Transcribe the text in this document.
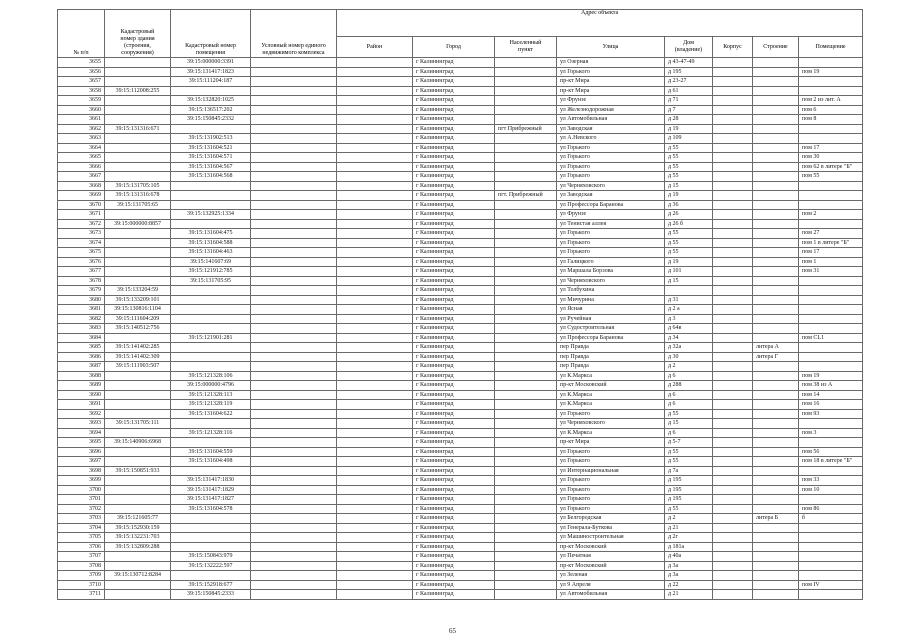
№ п/п	Кадастровый номер здания (строения, сооружения)	Кадастровый номер помещения	Условный номер единого недвижимого комплекса	Адрес объекта							
				Район	Город	Населенный пункт	Улица	Дом (владение)	Корпус	Строение	Помещение
3655		39:15:000000:3391			г Калининград		ул Озерная	д 43-47-49			
3656		39:15:131417:1823			г Калининград		ул Горького	д 195			пом 19
3657		39:15:111204:187			г Калининград		пр-кт Мира	д 23-27			
3658	39:15:112008:255				г Калининград		пр-кт Мира	д 61			
3659		39:15:132820:1025			г Калининград		ул Фрунзе	д 71			пом 2 из лит. А
3660		39:15:136517:202			г Калининград		ул Железнодорожная	д 7			пом 6
3661		39:15:150845:2332			г Калининград		ул Автомобильная	д 28			пом 8
3662	39:15:131316:671				г Калининград	пгт Прибрежный	ул Заводская	д 19			
3663		39:15:131902:513			г Калининград		ул А.Невского	д 109			
3664		39:15:131604:521			г Калининград		ул Горького	д 55			пом 17
3665		39:15:131604:571			г Калининград		ул Горького	д 55			пом 30
3666		39:15:131604:567			г Калининград		ул Горького	д 55			пом 62 в литере "Б"
3667		39:15:131604:568			г Калининград		ул Горького	д 55			пом 55
3668	39:15:131705:105				г Калининград		ул Черняховского	д 15			
3669	39:15:131316:678				г Калининград	пгт. Прибрежный	ул Заводская	д 19			
3670	39:15:131705:65				г Калининград		ул Профессора Баранова	д 36			
3671		39:15:132925:1334			г Калининград		ул Фрунзе	д 26			пом 2
3672	39:15:000000:8857				г Калининград		ул Тенистая аллея	д 26 б			
3673		39:15:131604:475			г Калининград		ул Горького	д 55			пом 27
3674		39:15:131604:588			г Калининград		ул Горького	д 55			пом 1 в литере "Б"
3675		39:15:131604:463			г Калининград		ул Горького	д 55			пом 17
3676		39:15:141607:69			г Калининград		ул Галицкого	д 19			пом 1
3677		39:15:121912:785			г Калининград		ул Маршала Борзова	д 101			пом 31
3678		39:15:131705:95			г Калининград		ул Черняховского	д 15			
3679	39:15:133204:59				г Калининград		ул Толбухина				
3680	39:15:133209:101				г Калининград		ул Мичурина	д 31			
3681	39:15:130816:1104				г Калининград		ул Ясная	д 2 а			
3682	39:15:111604:209				г Калининград		ул Ручейная	д 3			
3683	39:15:140512:756				г Калининград		ул Судостроительная	д 64в			
3684		39:15:121901:281			г Калининград		ул Профессора Баранова	д 34			пом CL1
3685	39:15:141402:285				г Калининград		пер Правда	д 32а		литера А	
3686	39:15:141402:309				г Калининград		пер Правда	д 30		литера Г	
3687	39:15:111903:507				г Калининград		пер Правда	д 2			
3688		39:15:121328:106			г Калининград		ул К.Маркса	д 6			пом 19
3689		39:15:000000:4796			г Калининград		пр-кт Московский	д 288			пом 38 из А
3690		39:15:121328:113			г Калининград		ул К.Маркса	д 6			пом 14
3691		39:15:121328:119			г Калининград		ул К.Маркса	д 6			пом 16
3692		39:15:131604:622			г Калининград		ул Горького	д 55			пом 93
3693	39:15:131705:111				г Калининград		ул Черняховского	д 15			
3694		39:15:121328:116			г Калининград		ул К.Маркса	д 6			пом 3
3695	39:15:140906:6968				г Калининград		пр-кт Мира	д 5-7			
3696		39:15:131604:559			г Калининград		ул Горького	д 55			пом 56
3697		39:15:131604:498			г Калининград		ул Горького	д 55			пом 18 в литере "Б"
3698	39:15:150851:933				г Калининград		ул Интернациональная	д 7а			
3699		39:15:131417:1830			г Калининград		ул Горького	д 195			пом 33
3700		39:15:131417:1829			г Калининград		ул Горького	д 195			пом 10
3701		39:15:131417:1827			г Калининград		ул Горького	д 195			
3702		39:15:131604:578			г Калининград		ул Горького	д 55			пом 86
3703	39:15:121605:77				г Калининград		ул Белгородская	д 2		литера Б	б
3704	39:15:152930:159				г Калининград		ул Генерала-Буткова	д 21			
3705	39:15:132231:703				г Калининград		ул Машиностроительная	д 2г			
3706	39:15:132809:288				г Калининград		пр-кт Московский	д 181а			
3707		39:15:150843:979			г Калининград		ул Печатная	д 40а			
3708		39:15:132222:597			г Калининград		пр-кт Московский	д 3а			
3709	39:15:130712:8284				г Калининград		ул Зеленая	д 3а			
3710		39:15:152918:677			г Калининград		ул 9 Апреля	д 22			пом IV
3711		39:15:150845:2333			г Калининград		ул Автомобильная	д 21			
65
